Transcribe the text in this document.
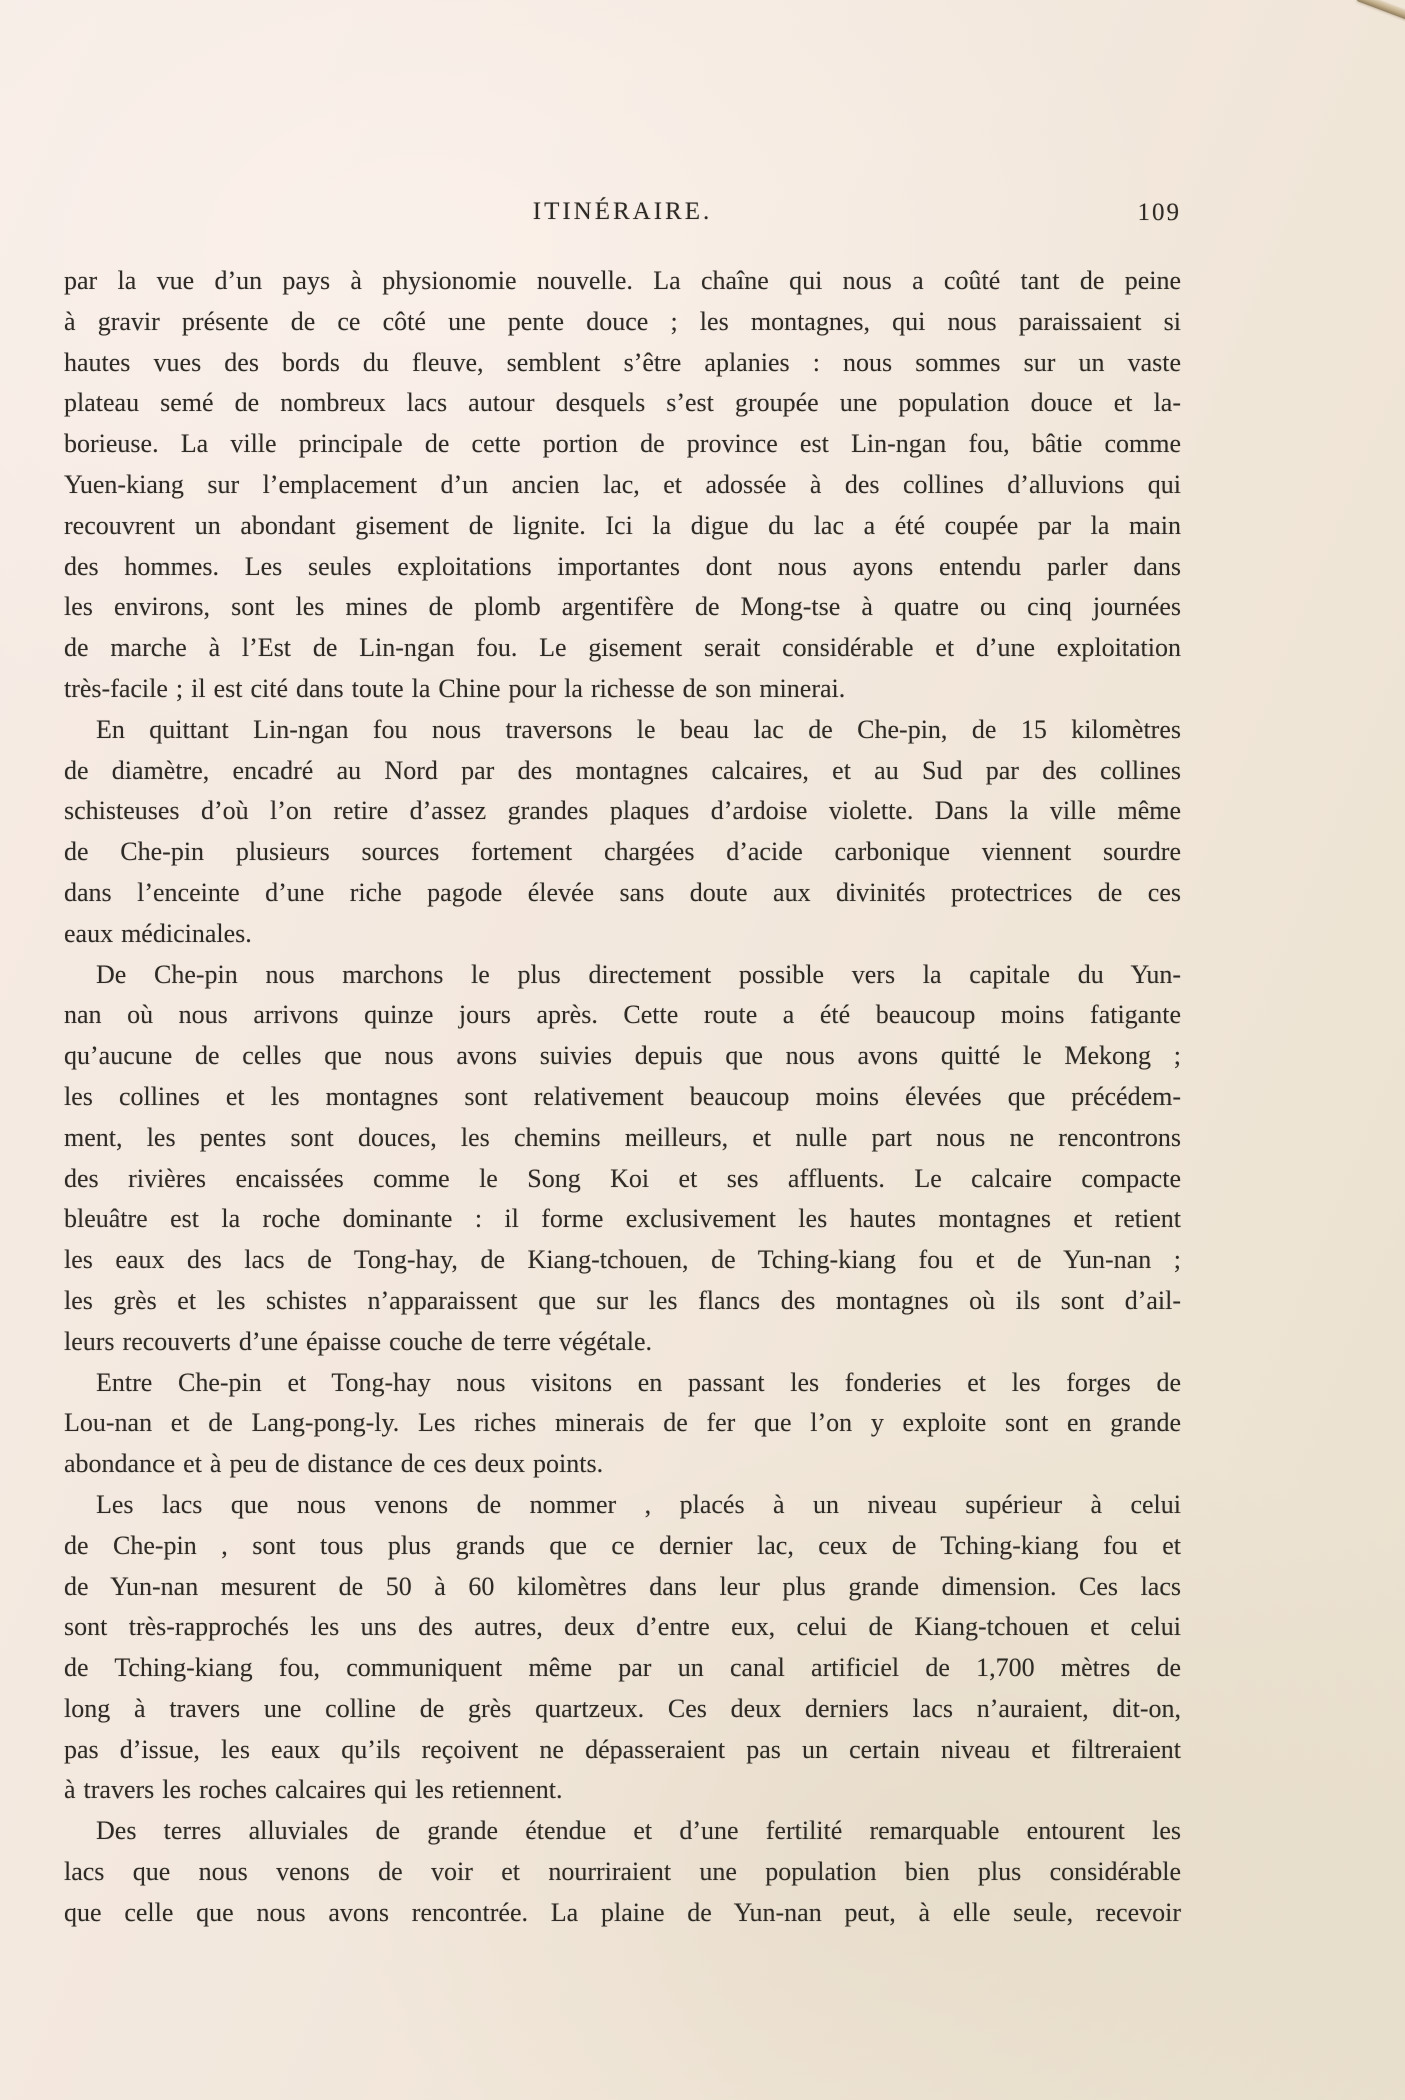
ITINÉRAIRE.	109
par la vue d’un pays à physionomie nouvelle. La chaîne qui nous a coûté tant de peine
à gravir présente de ce côté une pente douce ; les montagnes, qui nous paraissaient si
hautes vues des bords du fleuve, semblent s’être aplanies : nous sommes sur un vaste
plateau semé de nombreux lacs autour desquels s’est groupée une population douce et la-
borieuse. La ville principale de cette portion de province est Lin-ngan fou, bâtie comme
Yuen-kiang sur l’emplacement d’un ancien lac, et adossée à des collines d’alluvions qui
recouvrent un abondant gisement de lignite. Ici la digue du lac a été coupée par la main
des hommes. Les seules exploitations importantes dont nous ayons entendu parler dans
les environs, sont les mines de plomb argentifère de Mong-tse à quatre ou cinq journées
de marche à l’Est de Lin-ngan fou. Le gisement serait considérable et d’une exploitation
très-facile ; il est cité dans toute la Chine pour la richesse de son minerai.
En quittant Lin-ngan fou nous traversons le beau lac de Che-pin, de 15 kilomètres
de diamètre, encadré au Nord par des montagnes calcaires, et au Sud par des collines
schisteuses d’où l’on retire d’assez grandes plaques d’ardoise violette. Dans la ville même
de Che-pin plusieurs sources fortement chargées d’acide carbonique viennent sourdre
dans l’enceinte d’une riche pagode élevée sans doute aux divinités protectrices de ces
eaux médicinales.
De Che-pin nous marchons le plus directement possible vers la capitale du Yun-
nan où nous arrivons quinze jours après. Cette route a été beaucoup moins fatigante
qu’aucune de celles que nous avons suivies depuis que nous avons quitté le Mekong ;
les collines et les montagnes sont relativement beaucoup moins élevées que précédem-
ment, les pentes sont douces, les chemins meilleurs, et nulle part nous ne rencontrons
des rivières encaissées comme le Song Koi et ses affluents. Le calcaire compacte
bleuâtre est la roche dominante : il forme exclusivement les hautes montagnes et retient
les eaux des lacs de Tong-hay, de Kiang-tchouen, de Tching-kiang fou et de Yun-nan ;
les grès et les schistes n’apparaissent que sur les flancs des montagnes où ils sont d’ail-
leurs recouverts d’une épaisse couche de terre végétale.
Entre Che-pin et Tong-hay nous visitons en passant les fonderies et les forges de
Lou-nan et de Lang-pong-ly. Les riches minerais de fer que l’on y exploite sont en grande
abondance et à peu de distance de ces deux points.
Les lacs que nous venons de nommer , placés à un niveau supérieur à celui
de Che-pin , sont tous plus grands que ce dernier lac, ceux de Tching-kiang fou et
de Yun-nan mesurent de 50 à 60 kilomètres dans leur plus grande dimension. Ces lacs
sont très-rapprochés les uns des autres, deux d’entre eux, celui de Kiang-tchouen et celui
de Tching-kiang fou, communiquent même par un canal artificiel de 1,700 mètres de
long à travers une colline de grès quartzeux. Ces deux derniers lacs n’auraient, dit-on,
pas d’issue, les eaux qu’ils reçoivent ne dépasseraient pas un certain niveau et filtreraient
à travers les roches calcaires qui les retiennent.
Des terres alluviales de grande étendue et d’une fertilité remarquable entourent les
lacs que nous venons de voir et nourriraient une population bien plus considérable
que celle que nous avons rencontrée. La plaine de Yun-nan peut, à elle seule, recevoir
